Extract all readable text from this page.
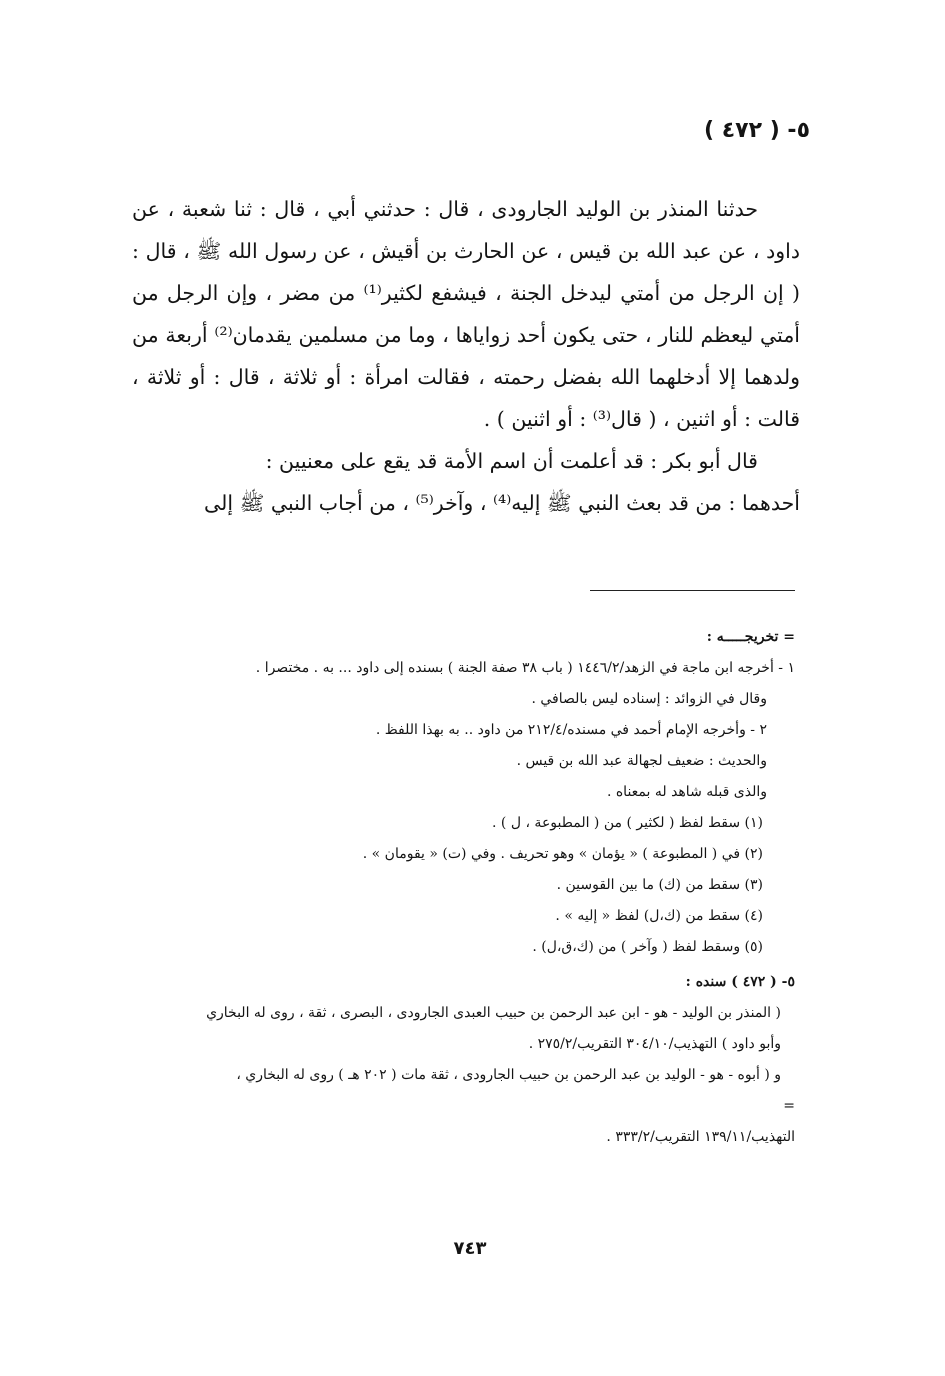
٥- ( ٤٧٢ )

حدثنا المنذر بن الوليد الجارودى ، قال : حدثني أبي ، قال : ثنا شعبة ، عن داود ، عن عبد الله بن قيس ، عن الحارث بن أقيش ، عن رسول الله ﷺ ، قال : ( إن الرجل من أمتي ليدخل الجنة ، فيشفع لكثير⁽¹⁾ من مضر ، وإن الرجل من أمتي ليعظم للنار ، حتى يكون أحد زواياها ، وما من مسلمين يقدمان⁽²⁾ أربعة من ولدهما إلا أدخلهما الله بفضل رحمته ، فقالت امرأة : أو ثلاثة ، قال : أو ثلاثة ، قالت : أو اثنين ، ( قال⁽³⁾ : أو اثنين ) .

قال أبو بكر : قد أعلمت أن اسم الأمة قد يقع على معنيين :

أحدهما : من قد بعث النبي ﷺ إليه⁽⁴⁾ ، وآخر⁽⁵⁾ ، من أجاب النبي ﷺ إلى

= تخريجـــــه :

١ - أخرجه ابن ماجة في الزهد/١٤٤٦/٢ ( باب ٣٨ صفة الجنة ) بسنده إلى داود ... به . مختصرا .

وقال في الزوائد : إسناده ليس بالصافي .

٢ - وأخرجه الإمام أحمد في مسنده/٢١٢/٤ من داود .. به بهذا اللفظ .

والحديث : ضعيف لجهالة عبد الله بن قيس .

والذى قبله شاهد له بمعناه .

(١) سقط لفظ ( لكثير ) من ( المطبوعة ، ل ) .

(٢) في ( المطبوعة ) « يؤمان » وهو تحريف . وفي (ت) « يقومان » .

(٣) سقط من (ك) ما بين القوسين .

(٤) سقط من (ك،ل) لفظ « إليه » .

(٥) وسقط لفظ ( وآخر ) من (ك،ق،ل) .

٥- ( ٤٧٢ ) سنده :

( المنذر بن الوليد - هو - ابن عبد الرحمن بن حبيب العبدى الجارودى ، البصرى ، ثقة ، روى له البخاري

وأبو داود ) التهذيب/٣٠٤/١٠ التقريب/٢٧٥/٢ .

و ( أبوه - هو - الوليد بن عبد الرحمن بن حبيب الجارودى ، ثقة مات ( ٢٠٢ هـ ) روى له البخاري ،

=

التهذيب/١٣٩/١١ التقريب/٣٣٣/٢ .

٧٤٣
